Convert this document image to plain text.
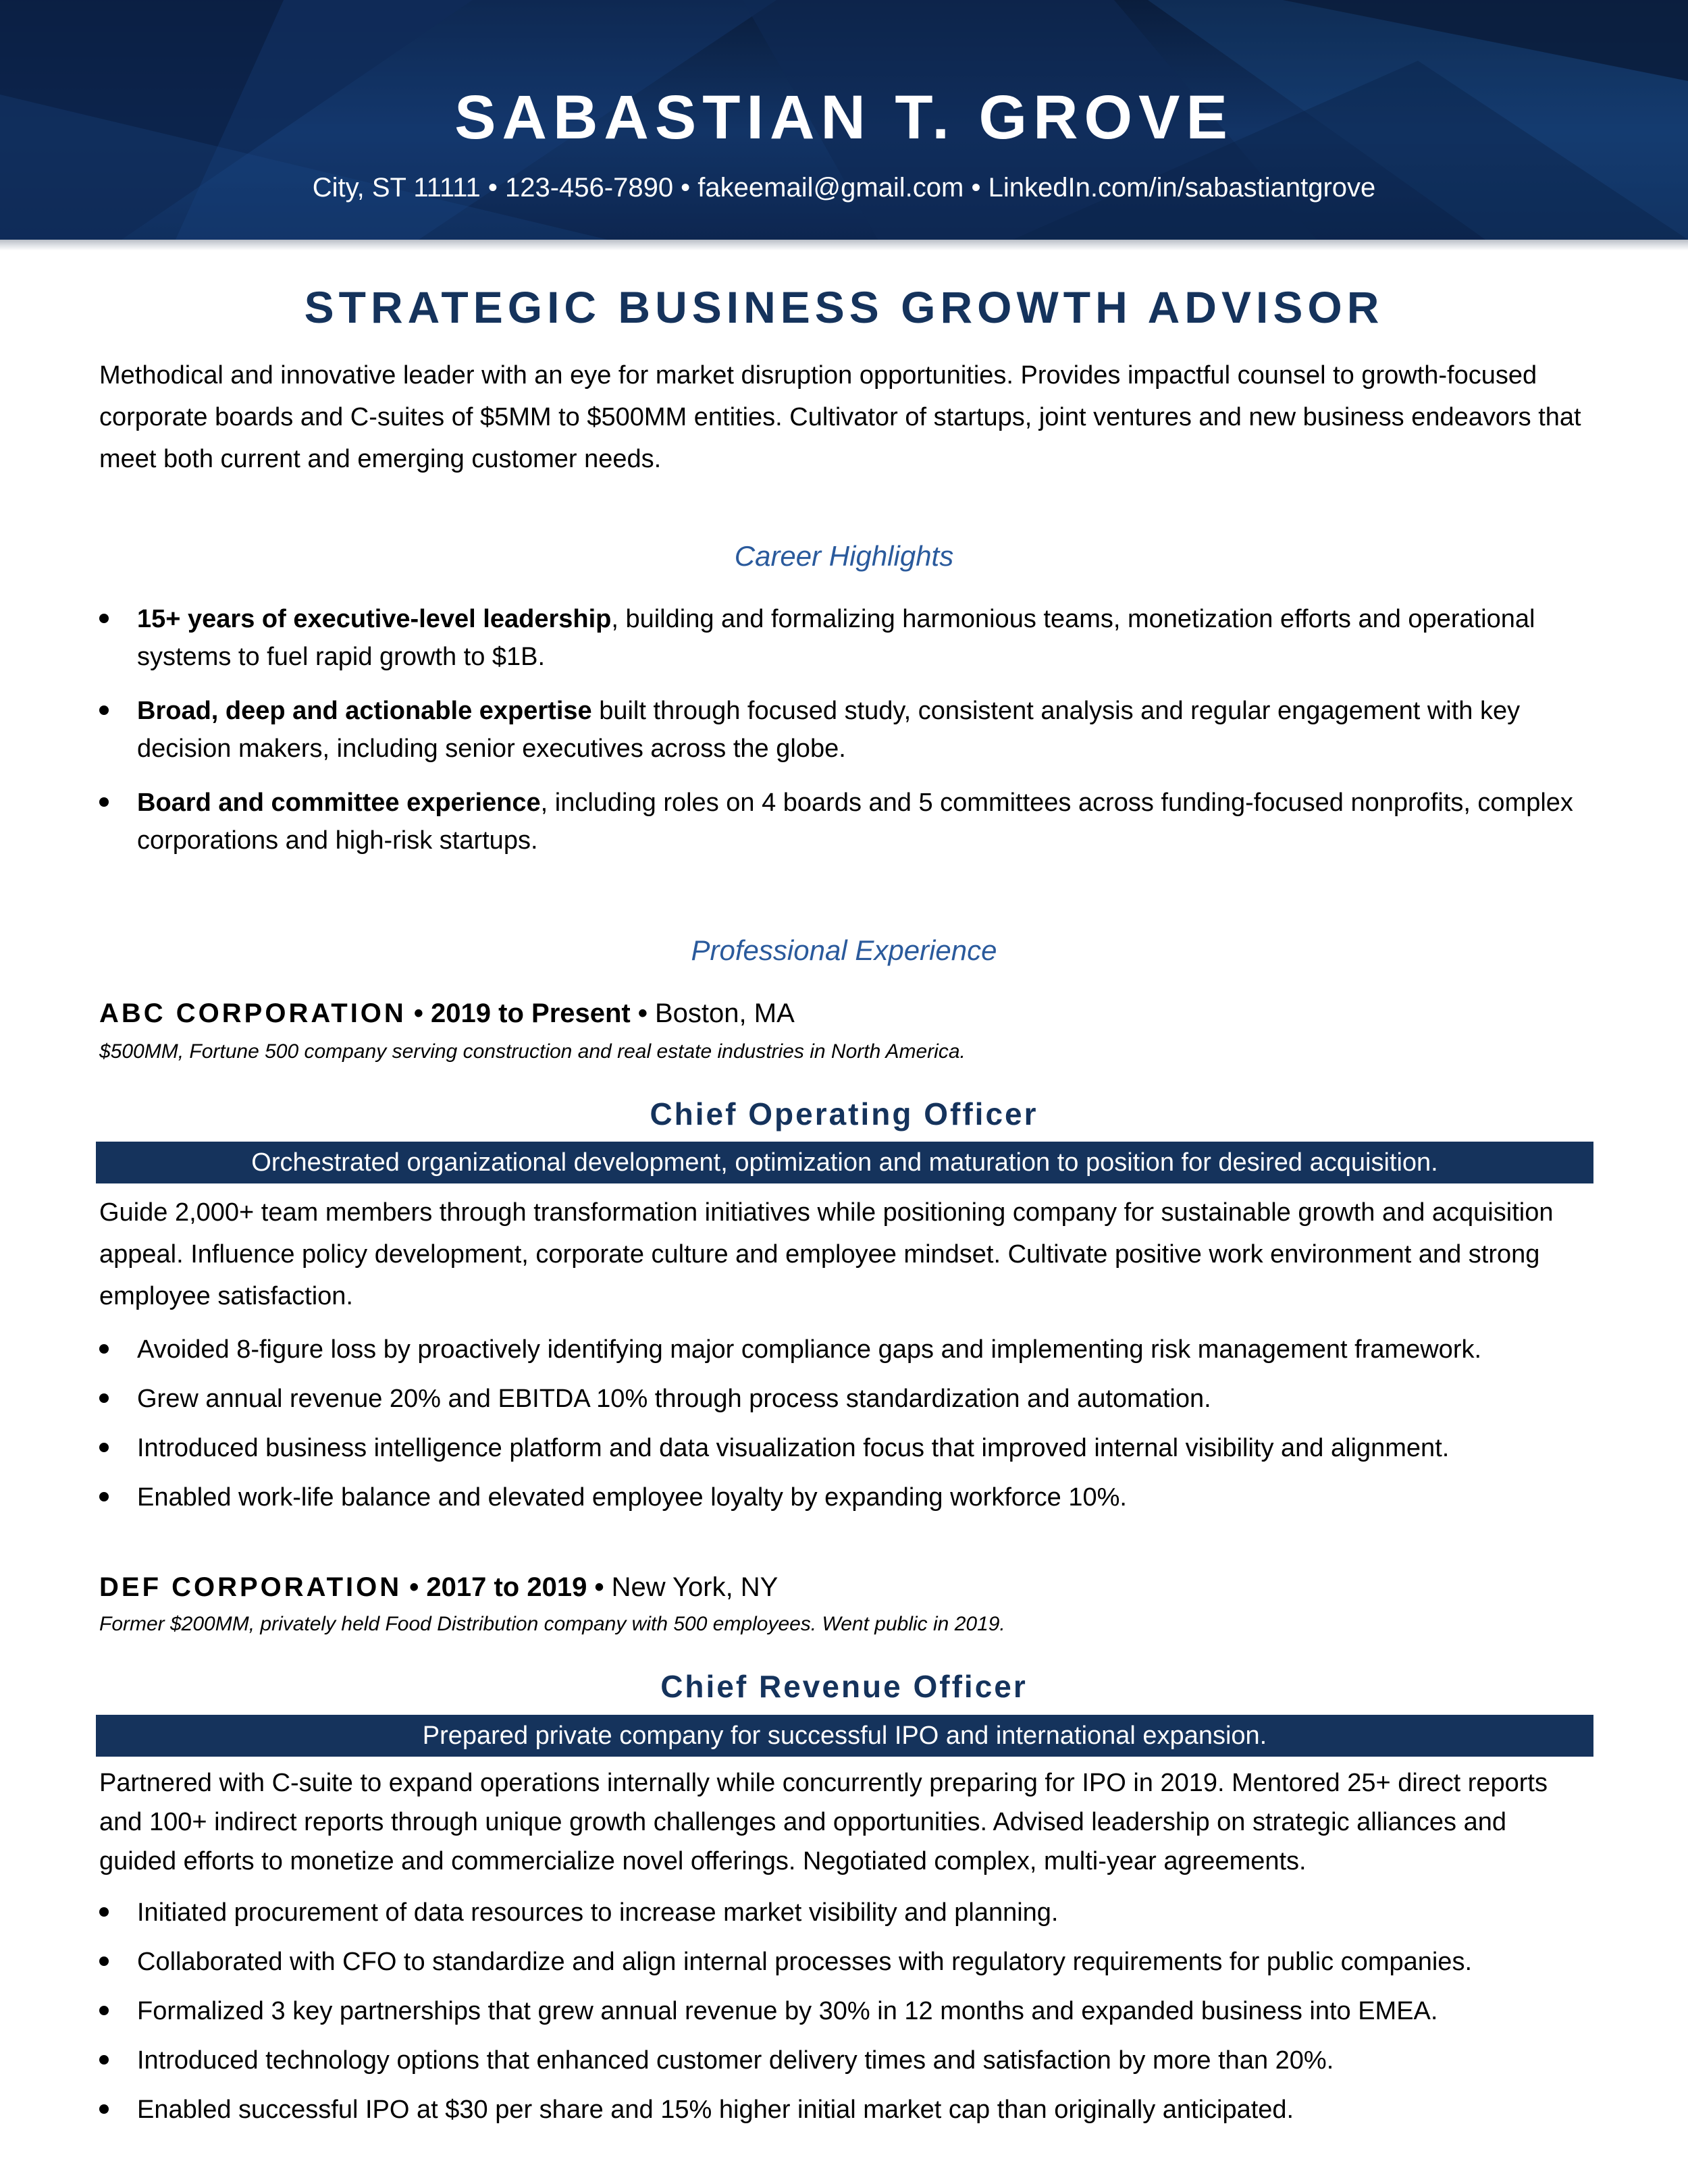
SABASTIAN T. GROVE
City, ST 11111 • 123-456-7890 • fakeemail@gmail.com • LinkedIn.com/in/sabastiantgrove
STRATEGIC BUSINESS GROWTH ADVISOR

Methodical and innovative leader with an eye for market disruption opportunities. Provides impactful counsel to growth-focused corporate boards and C-suites of $5MM to $500MM entities. Cultivator of startups, joint ventures and new business endeavors that meet both current and emerging customer needs.

Career Highlights
15+ years of executive-level leadership, building and formalizing harmonious teams, monetization efforts and operational systems to fuel rapid growth to $1B.
Broad, deep and actionable expertise built through focused study, consistent analysis and regular engagement with key decision makers, including senior executives across the globe.
Board and committee experience, including roles on 4 boards and 5 committees across funding-focused nonprofits, complex corporations and high-risk startups.
Professional Experience
ABC CORPORATION • 2019 to Present • Boston, MA
$500MM, Fortune 500 company serving construction and real estate industries in North America.
Chief Operating Officer
Orchestrated organizational development, optimization and maturation to position for desired acquisition.

Guide 2,000+ team members through transformation initiatives while positioning company for sustainable growth and acquisition appeal. Influence policy development, corporate culture and employee mindset. Cultivate positive work environment and strong employee satisfaction.

Avoided 8-figure loss by proactively identifying major compliance gaps and implementing risk management framework.
Grew annual revenue 20% and EBITDA 10% through process standardization and automation.
Introduced business intelligence platform and data visualization focus that improved internal visibility and alignment.
Enabled work-life balance and elevated employee loyalty by expanding workforce 10%.
DEF CORPORATION • 2017 to 2019 • New York, NY
Former $200MM, privately held Food Distribution company with 500 employees. Went public in 2019.
Chief Revenue Officer
Prepared private company for successful IPO and international expansion.

Partnered with C-suite to expand operations internally while concurrently preparing for IPO in 2019. Mentored 25+ direct reports and 100+ indirect reports through unique growth challenges and opportunities. Advised leadership on strategic alliances and guided efforts to monetize and commercialize novel offerings. Negotiated complex, multi-year agreements.

Initiated procurement of data resources to increase market visibility and planning.
Collaborated with CFO to standardize and align internal processes with regulatory requirements for public companies.
Formalized 3 key partnerships that grew annual revenue by 30% in 12 months and expanded business into EMEA.
Introduced technology options that enhanced customer delivery times and satisfaction by more than 20%.
Enabled successful IPO at $30 per share and 15% higher initial market cap than originally anticipated.
